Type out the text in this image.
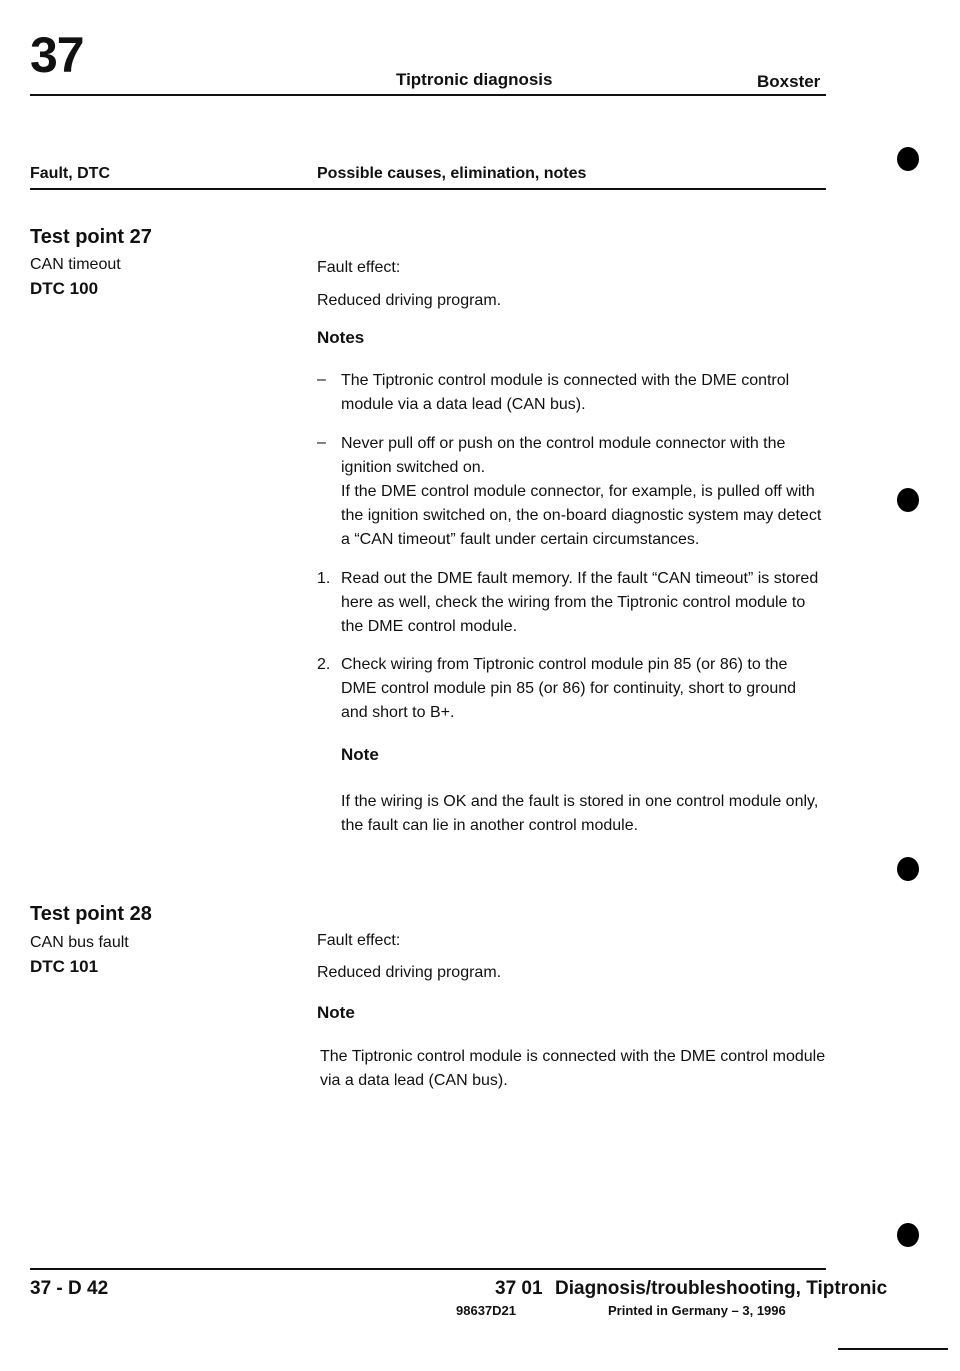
37	Tiptronic diagnosis	Boxster
Fault, DTC	Possible causes, elimination, notes
Test point 27
CAN timeout
DTC 100
Fault effect:
Reduced driving program.
Notes
– The Tiptronic control module is connected with the DME control module via a data lead (CAN bus).
– Never pull off or push on the control module connector with the ignition switched on.
If the DME control module connector, for example, is pulled off with the ignition switched on, the on-board diagnostic system may detect a “CAN timeout” fault under certain circumstances.
1. Read out the DME fault memory. If the fault “CAN timeout” is stored here as well, check the wiring from the Tiptronic control module to the DME control module.
2. Check wiring from Tiptronic control module pin 85 (or 86) to the DME control module pin 85 (or 86) for continuity, short to ground and short to B+.
Note
If the wiring is OK and the fault is stored in one control module only, the fault can lie in another control module.
Test point 28
CAN bus fault
DTC 101
Fault effect:
Reduced driving program.
Note
The Tiptronic control module is connected with the DME control module via a data lead (CAN bus).
37 - D 42	37 01 Diagnosis/troubleshooting, Tiptronic
98637D21	Printed in Germany – 3, 1996
